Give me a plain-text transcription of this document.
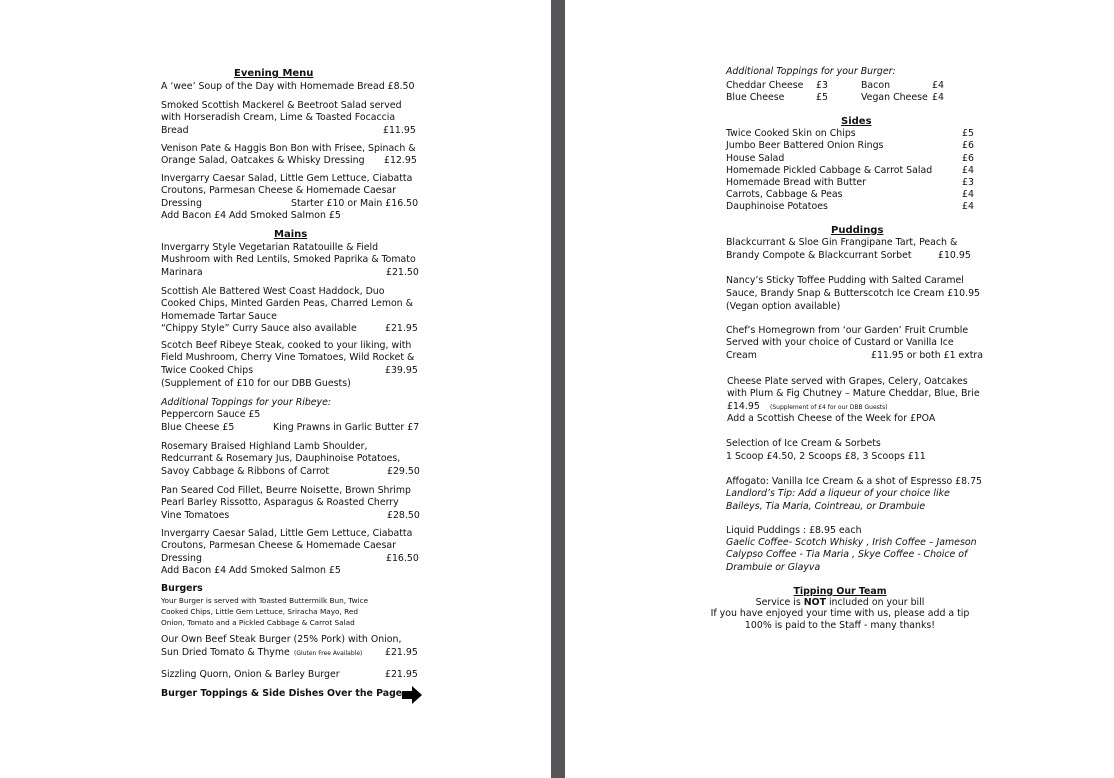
Evening Menu
A ‘wee’ Soup of the Day with Homemade Bread £8.50
Smoked Scottish Mackerel & Beetroot Salad served
with Horseradish Cream, Lime & Toasted Focaccia
Bread	£11.95
Venison Pate & Haggis Bon Bon with Frisee, Spinach &
Orange Salad, Oatcakes & Whisky Dressing £12.95
Invergarry Caesar Salad, Little Gem Lettuce, Ciabatta
Croutons, Parmesan Cheese & Homemade Caesar
Dressing	Starter £10 or Main £16.50
Add Bacon £4 Add Smoked Salmon £5
Mains
Invergarry Style Vegetarian Ratatouille & Field
Mushroom with Red Lentils, Smoked Paprika & Tomato
Marinara	£21.50
Scottish Ale Battered West Coast Haddock, Duo
Cooked Chips, Minted Garden Peas, Charred Lemon &
Homemade Tartar Sauce
“Chippy Style” Curry Sauce also available	£21.95
Scotch Beef Ribeye Steak, cooked to your liking, with
Field Mushroom, Cherry Vine Tomatoes, Wild Rocket &
Twice Cooked Chips	£39.95
(Supplement of £10 for our DBB Guests)
Additional Toppings for your Ribeye:
Peppercorn Sauce £5
Blue Cheese £5	King Prawns in Garlic Butter £7
Rosemary Braised Highland Lamb Shoulder,
Redcurrant & Rosemary Jus, Dauphinoise Potatoes,
Savoy Cabbage & Ribbons of Carrot	£29.50
Pan Seared Cod Fillet, Beurre Noisette, Brown Shrimp
Pearl Barley Rissotto, Asparagus & Roasted Cherry
Vine Tomatoes	£28.50
Invergarry Caesar Salad, Little Gem Lettuce, Ciabatta
Croutons, Parmesan Cheese & Homemade Caesar
Dressing	£16.50
Add Bacon £4 Add Smoked Salmon £5
Burgers
Your Burger is served with Toasted Buttermilk Bun, Twice
Cooked Chips, Little Gem Lettuce, Sriracha Mayo, Red
Onion, Tomato and a Pickled Cabbage & Carrot Salad
Our Own Beef Steak Burger (25% Pork) with Onion,
Sun Dried Tomato & Thyme (Gluten Free Available) £21.95
Sizzling Quorn, Onion & Barley Burger	£21.95
Burger Toppings & Side Dishes Over the Page
Additional Toppings for your Burger:
Cheddar Cheese £3	Bacon	£4
Blue Cheese	£5	Vegan Cheese £4
Sides
Twice Cooked Skin on Chips	£5
Jumbo Beer Battered Onion Rings	£6
House Salad	£6
Homemade Pickled Cabbage & Carrot Salad	£4
Homemade Bread with Butter	£3
Carrots, Cabbage & Peas	£4
Dauphinoise Potatoes	£4
Puddings
Blackcurrant & Sloe Gin Frangipane Tart, Peach &
Brandy Compote & Blackcurrant Sorbet	£10.95
Nancy’s Sticky Toffee Pudding with Salted Caramel
Sauce, Brandy Snap & Butterscotch Ice Cream £10.95
(Vegan option available)
Chef’s Homegrown from ‘our Garden’ Fruit Crumble
Served with your choice of Custard or Vanilla Ice
Cream	£11.95 or both £1 extra
Cheese Plate served with Grapes, Celery, Oatcakes
with Plum & Fig Chutney – Mature Cheddar, Blue, Brie
£14.95 (Supplement of £4 for our DBB Guests)
Add a Scottish Cheese of the Week for £POA
Selection of Ice Cream & Sorbets
1 Scoop £4.50, 2 Scoops £8, 3 Scoops £11
Affogato: Vanilla Ice Cream & a shot of Espresso £8.75
Landlord’s Tip: Add a liqueur of your choice like
Baileys, Tia Maria, Cointreau, or Drambuie
Liquid Puddings : £8.95 each
Gaelic Coffee- Scotch Whisky , Irish Coffee – Jameson
Calypso Coffee - Tia Maria , Skye Coffee - Choice of
Drambuie or Glayva
Tipping Our Team
Service is NOT included on your bill
If you have enjoyed your time with us, please add a tip
100% is paid to the Staff - many thanks!
